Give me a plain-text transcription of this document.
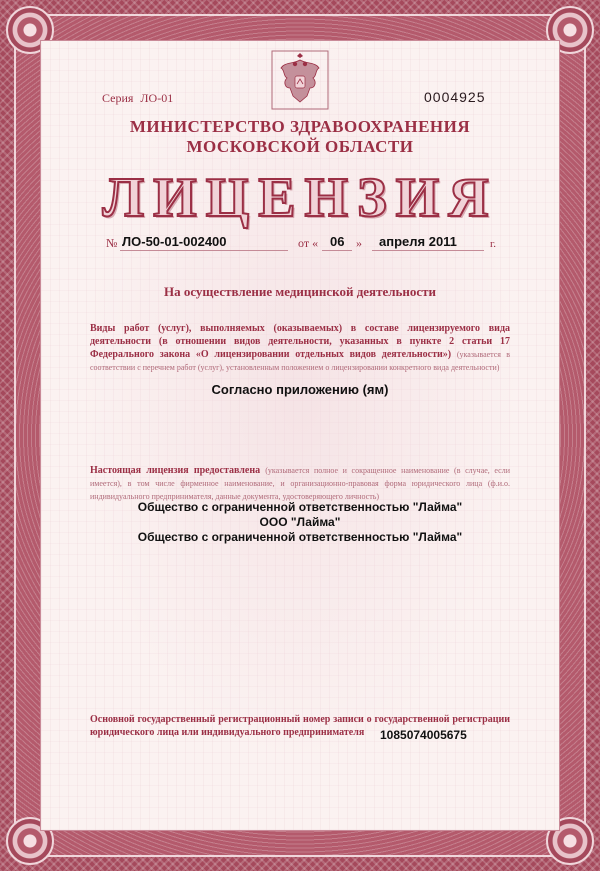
Серия ЛО-01	0004925
МИНИСТЕРСТВО ЗДРАВООХРАНЕНИЯ
МОСКОВСКОЙ ОБЛАСТИ
ЛИЦЕНЗИЯ
№ ЛО-50-01-002400	от « 06 » апреля 2011	г.
На осуществление медицинской деятельности
Виды работ (услуг), выполняемых (оказываемых) в составе лицензируемого вида деятельности (в отношении видов деятельности, указанных в пункте 2 статьи 17 Федерального закона «О лицензировании отдельных видов деятельности») (указывается в соответствии с перечнем работ (услуг), установленным положением о лицензировании конкретного вида деятельности)
Согласно приложению (ям)
Настоящая лицензия предоставлена (указывается полное и сокращенное наименование (в случае, если имеется), в том числе фирменное наименование, и организационно-правовая форма юридического лица (ф.и.о. индивидуального предпринимателя, данные документа, удостоверяющего личность)
Общество с ограниченной ответственностью "Лайма"
ООО "Лайма"
Общество с ограниченной ответственностью "Лайма"
Основной государственный регистрационный номер записи о государственной регистрации юридического лица или индивидуального предпринимателя	1085074005675
